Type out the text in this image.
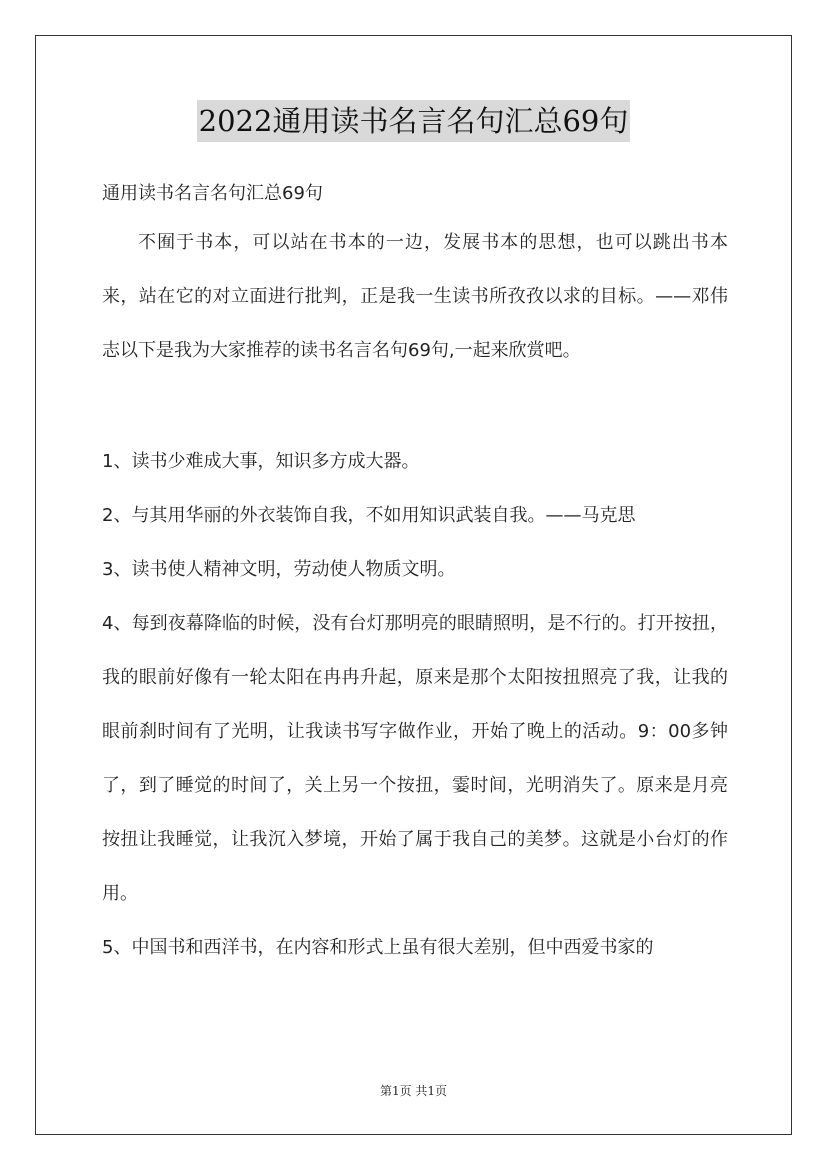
2022通用读书名言名句汇总69句

通用读书名言名句汇总69句

不囿于书本，可以站在书本的一边，发展书本的思想，也可以跳出书本来，站在它的对立面进行批判，正是我一生读书所孜孜以求的目标。——邓伟志以下是我为大家推荐的读书名言名句69句,一起来欣赏吧。

1、读书少难成大事，知识多方成大器。

2、与其用华丽的外衣装饰自我，不如用知识武装自我。——马克思

3、读书使人精神文明，劳动使人物质文明。

4、每到夜幕降临的时候，没有台灯那明亮的眼睛照明，是不行的。打开按扭，我的眼前好像有一轮太阳在冉冉升起，原来是那个太阳按扭照亮了我，让我的眼前刹时间有了光明，让我读书写字做作业，开始了晚上的活动。9：00多钟了，到了睡觉的时间了，关上另一个按扭，霎时间，光明消失了。原来是月亮按扭让我睡觉，让我沉入梦境，开始了属于我自己的美梦。这就是小台灯的作用。

5、中国书和西洋书，在内容和形式上虽有很大差别，但中西爱书家的

第1页 共1页
